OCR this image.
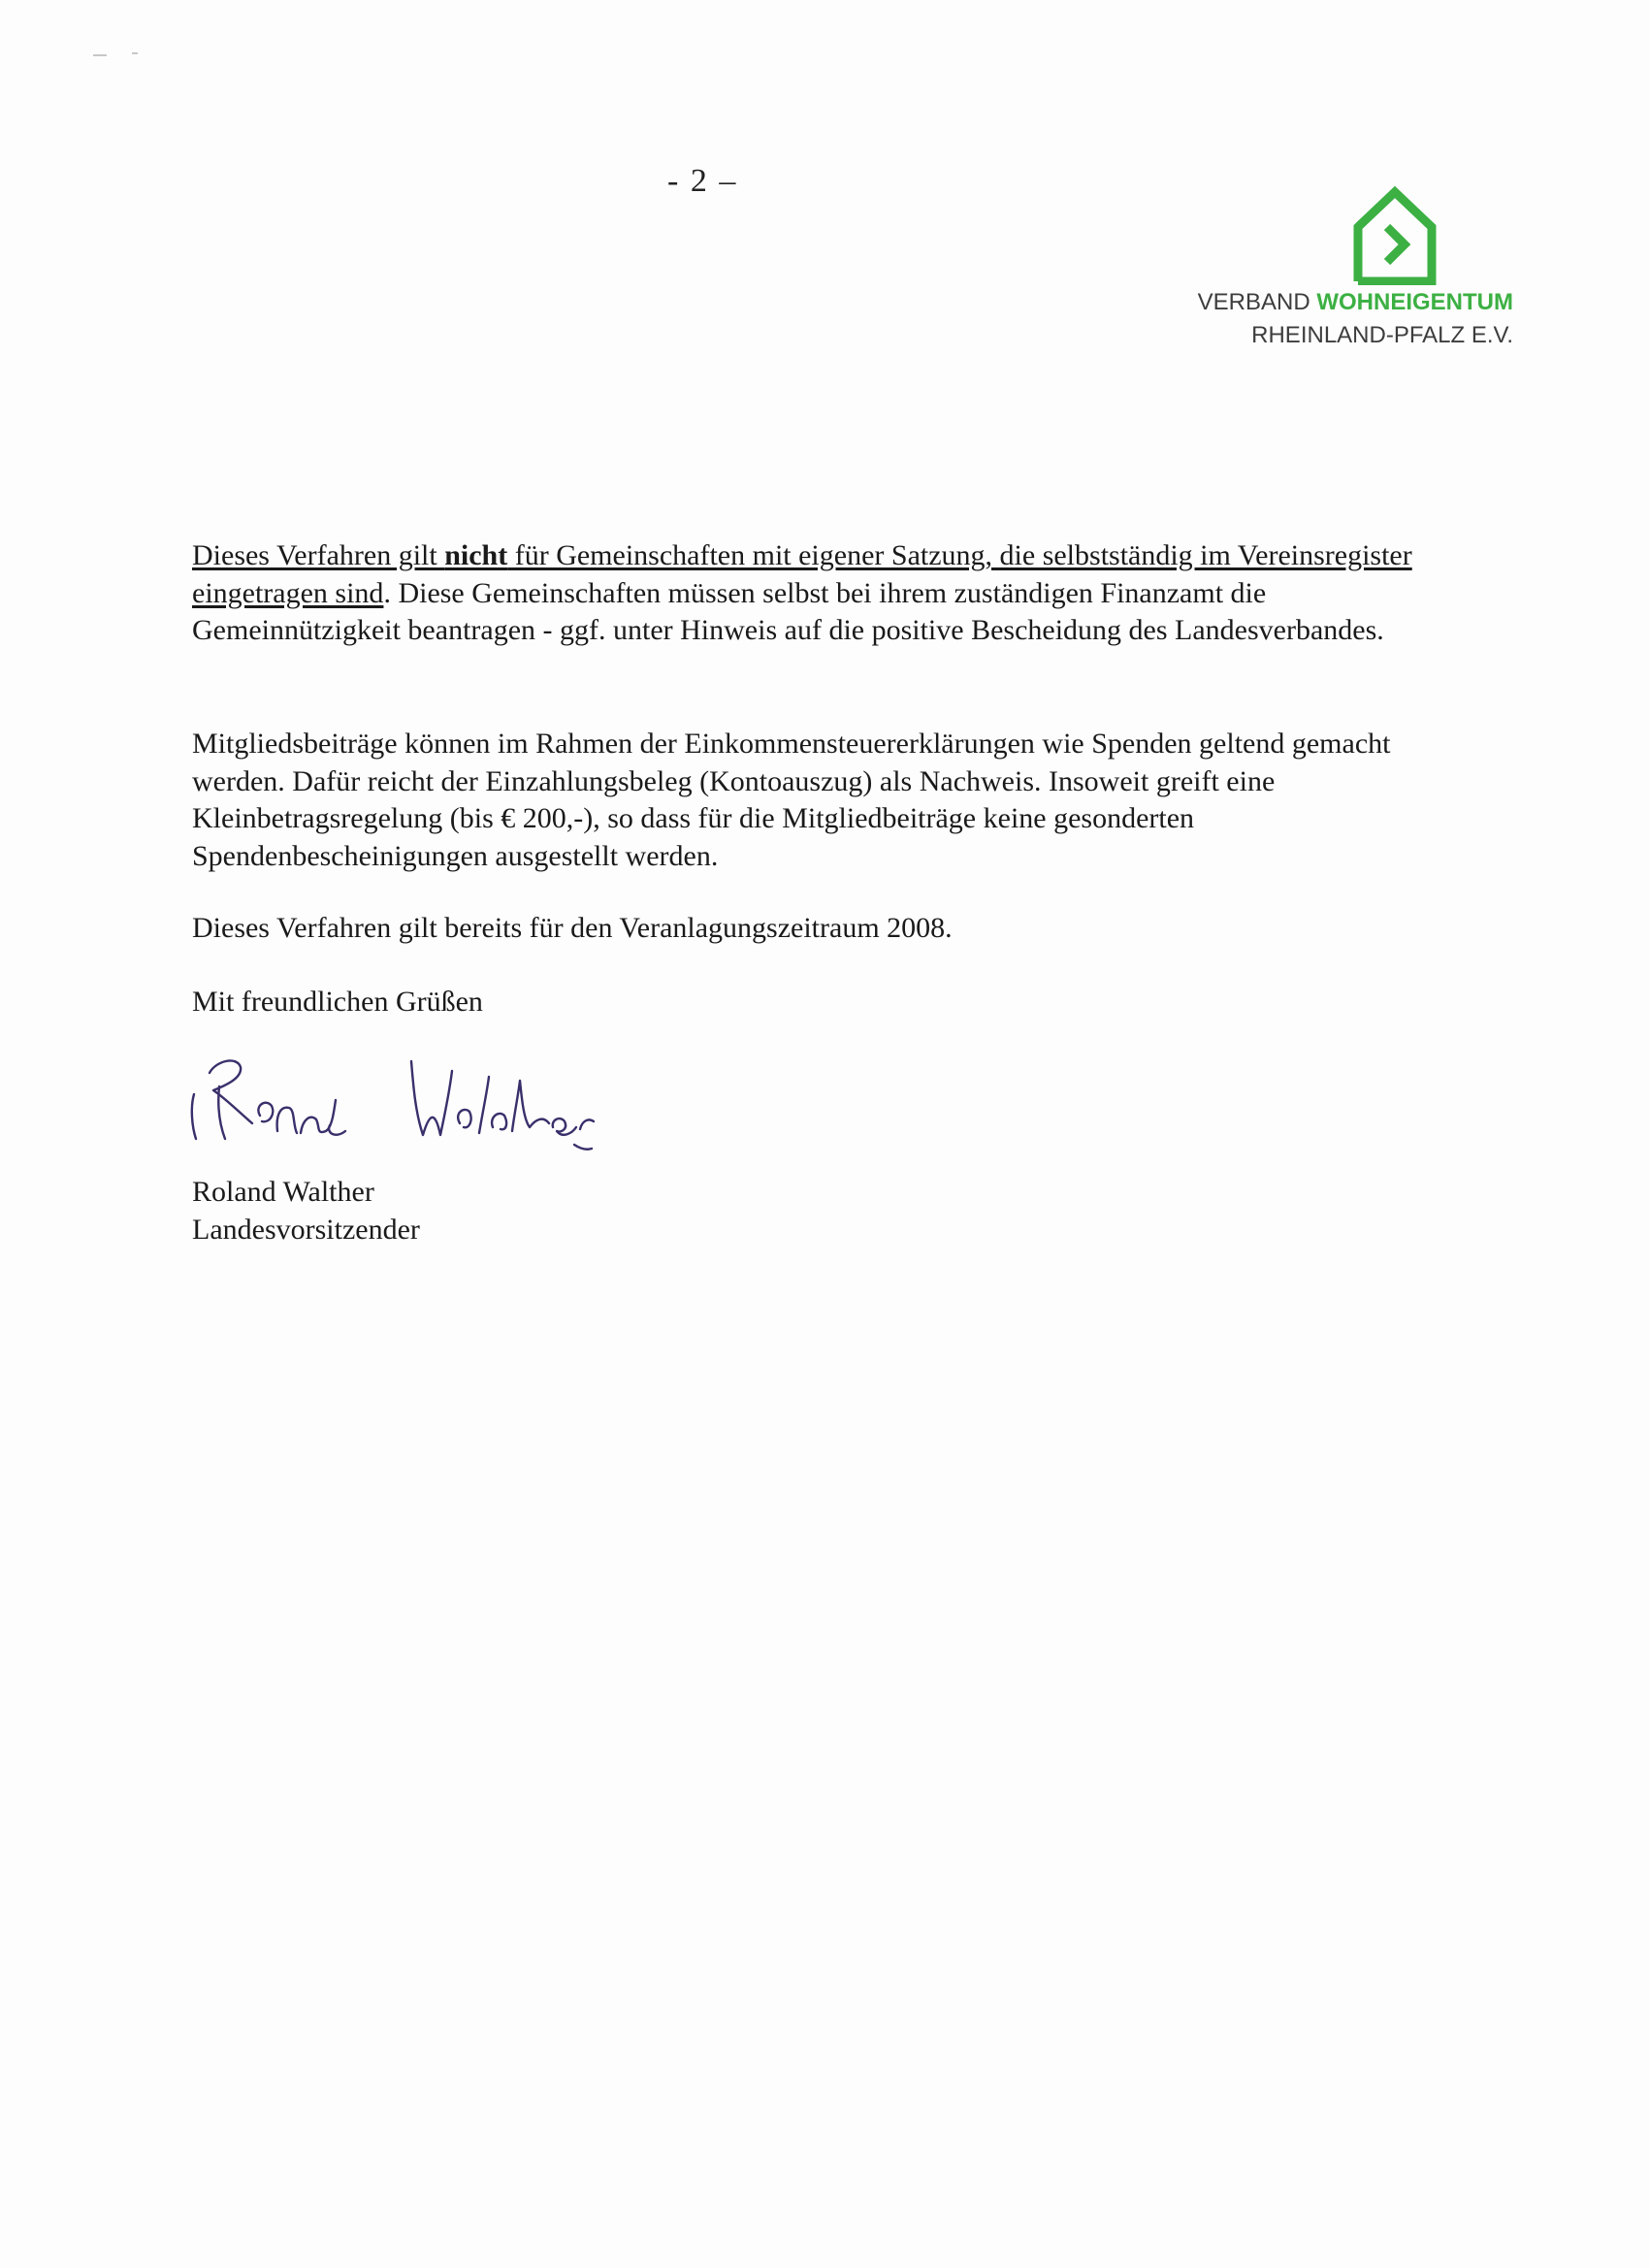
- 2 –
VERBAND WOHNEIGENTUM
RHEINLAND-PFALZ E.V.

Dieses Verfahren gilt nicht für Gemeinschaften mit eigener Satzung, die selbstständig im Vereinsregister eingetragen sind. Diese Gemeinschaften müssen selbst bei ihrem zuständigen Finanzamt die Gemeinnützigkeit beantragen - ggf. unter Hinweis auf die positive Bescheidung des Landesverbandes.

Mitgliedsbeiträge können im Rahmen der Einkommensteuererklärungen wie Spenden geltend gemacht werden. Dafür reicht der Einzahlungsbeleg (Kontoauszug) als Nachweis. Insoweit greift eine Kleinbetragsregelung (bis € 200,-), so dass für die Mitgliedbeiträge keine gesonderten Spendenbescheinigungen ausgestellt werden.

Dieses Verfahren gilt bereits für den Veranlagungszeitraum 2008.

Mit freundlichen Grüßen

Roland Walther
Landesvorsitzender
